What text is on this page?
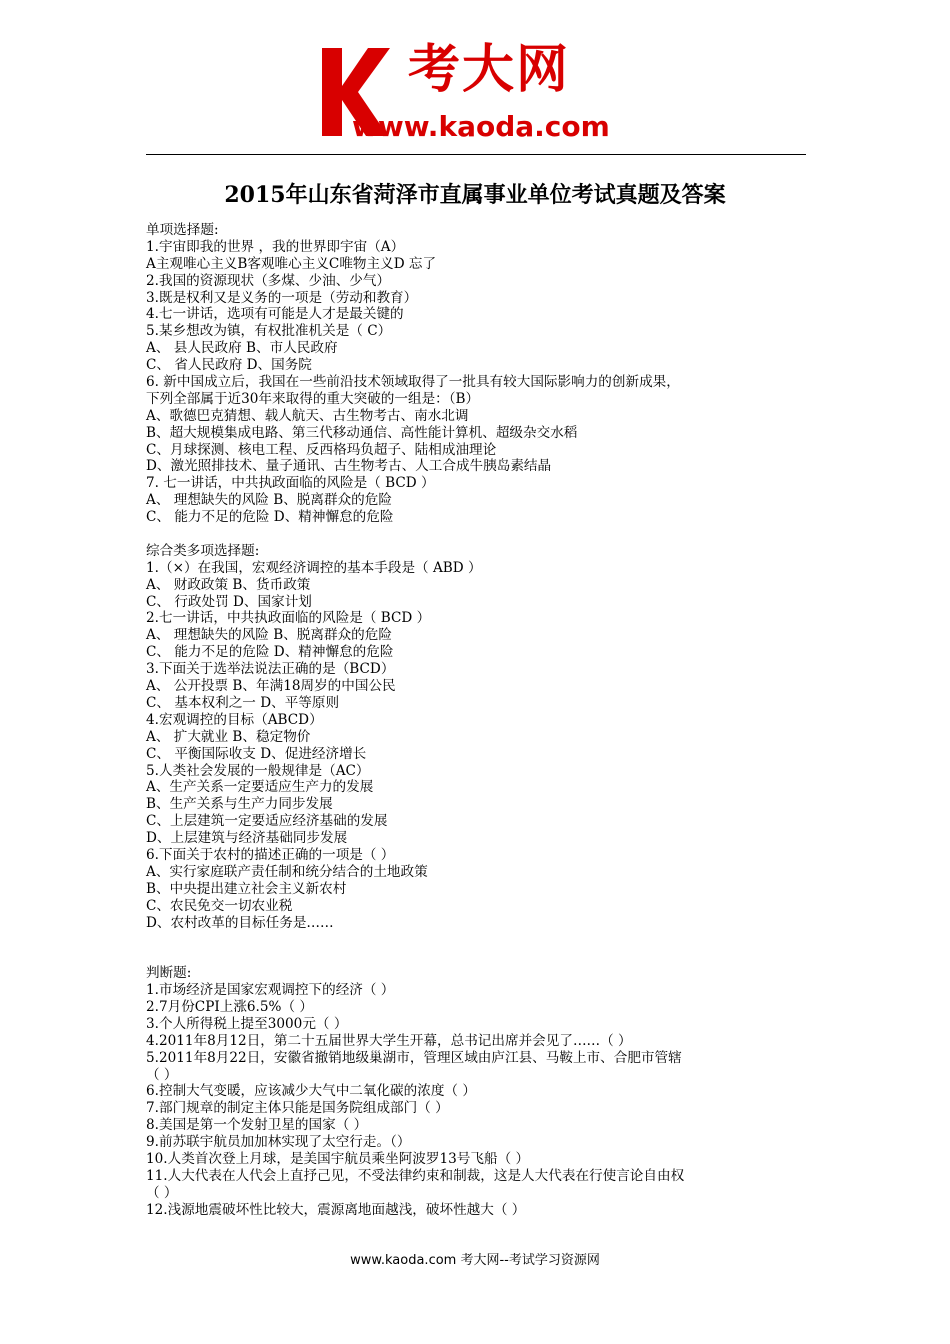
考大网
www.kaoda.com
2015年山东省菏泽市直属事业单位考试真题及答案
单项选择题:
1.宇宙即我的世界 ，我的世界即宇宙（A）
A主观唯心主义B客观唯心主义C唯物主义D 忘了
2.我国的资源现状（多煤、少油、少气）
3.既是权利又是义务的一项是（劳动和教育）
4.七一讲话，选项有可能是人才是最关键的
5.某乡想改为镇，有权批准机关是（ C）
A、 县人民政府 B、市人民政府
C、 省人民政府 D、国务院
6. 新中国成立后，我国在一些前沿技术领域取得了一批具有较大国际影响力的创新成果，
下列全部属于近30年来取得的重大突破的一组是：（B）
A、歌德巴克猜想、载人航天、古生物考古、南水北调
B、超大规模集成电路、第三代移动通信、高性能计算机、超级杂交水稻
C、月球探测、核电工程、反西格玛负超子、陆相成油理论
D、激光照排技术、量子通讯、古生物考古、人工合成牛胰岛素结晶
7. 七一讲话，中共执政面临的风险是（ BCD ）
A、 理想缺失的风险 B、脱离群众的危险
C、 能力不足的危险 D、精神懈怠的危险
综合类多项选择题:
1.（×）在我国，宏观经济调控的基本手段是（ ABD ）
A、 财政政策 B、货币政策
C、 行政处罚 D、国家计划
2.七一讲话，中共执政面临的风险是（ BCD ）
A、 理想缺失的风险 B、脱离群众的危险
C、 能力不足的危险 D、精神懈怠的危险
3.下面关于选举法说法正确的是（BCD）
A、 公开投票 B、年满18周岁的中国公民
C、 基本权利之一 D、平等原则
4.宏观调控的目标（ABCD）
A、 扩大就业 B、稳定物价
C、 平衡国际收支 D、促进经济增长
5.人类社会发展的一般规律是（AC）
A、生产关系一定要适应生产力的发展
B、生产关系与生产力同步发展
C、上层建筑一定要适应经济基础的发展
D、上层建筑与经济基础同步发展
6.下面关于农村的描述正确的一项是（ ）
A、实行家庭联产责任制和统分结合的土地政策
B、中央提出建立社会主义新农村
C、农民免交一切农业税
D、农村改革的目标任务是……
判断题:
1.市场经济是国家宏观调控下的经济（ ）
2.7月份CPI上涨6.5%（ ）
3.个人所得税上提至3000元（ ）
4.2011年8月12日，第二十五届世界大学生开幕，总书记出席并会见了……（ ）
5.2011年8月22日，安徽省撤销地级巢湖市，管理区域由庐江县、马鞍上市、合肥市管辖
（ ）
6.控制大气变暖，应该减少大气中二氧化碳的浓度（ ）
7.部门规章的制定主体只能是国务院组成部门（ ）
8.美国是第一个发射卫星的国家（ ）
9.前苏联宇航员加加林实现了太空行走。（）
10.人类首次登上月球，是美国宇航员乘坐阿波罗13号飞船（ ）
11.人大代表在人代会上直抒己见，不受法律约束和制裁，这是人大代表在行使言论自由权
（ ）
12.浅源地震破坏性比较大，震源离地面越浅，破坏性越大（ ）
www.kaoda.com 考大网--考试学习资源网
